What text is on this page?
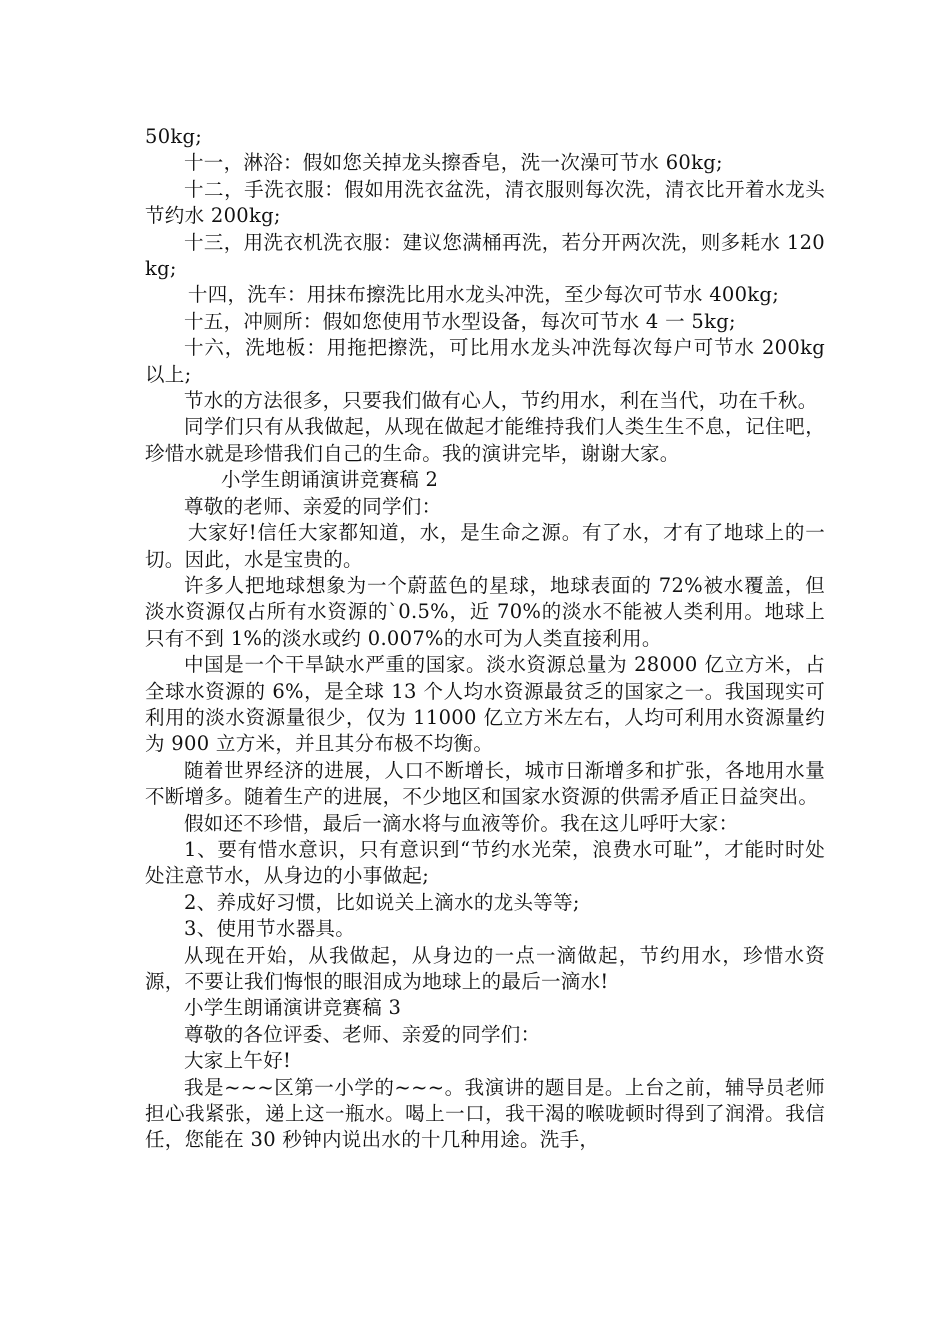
50kg;

十一，淋浴：假如您关掉龙头擦香皂，洗一次澡可节水 60kg;

十二，手洗衣服：假如用洗衣盆洗，清衣服则每次洗，清衣比开着水龙头节约水 200kg;

十三，用洗衣机洗衣服：建议您满桶再洗，若分开两次洗，则多耗水 120kg;

十四，洗车：用抹布擦洗比用水龙头冲洗，至少每次可节水 400kg;

十五，冲厕所：假如您使用节水型设备，每次可节水 4 一 5kg;

十六，洗地板：用拖把擦洗，可比用水龙头冲洗每次每户可节水 200kg 以上;

节水的方法很多，只要我们做有心人，节约用水，利在当代，功在千秋。

同学们只有从我做起，从现在做起才能维持我们人类生生不息，记住吧，珍惜水就是珍惜我们自己的生命。我的演讲完毕，谢谢大家。

小学生朗诵演讲竞赛稿 2

尊敬的老师、亲爱的同学们：

大家好!信任大家都知道，水，是生命之源。有了水，才有了地球上的一切。因此，水是宝贵的。

许多人把地球想象为一个蔚蓝色的星球，地球表面的 72%被水覆盖，但淡水资源仅占所有水资源的`0.5%，近 70%的淡水不能被人类利用。地球上只有不到 1%的淡水或约 0.007%的水可为人类直接利用。

中国是一个干旱缺水严重的国家。淡水资源总量为 28000 亿立方米，占全球水资源的 6%，是全球 13 个人均水资源最贫乏的国家之一。我国现实可利用的淡水资源量很少，仅为 11000 亿立方米左右，人均可利用水资源量约为 900 立方米，并且其分布极不均衡。

随着世界经济的进展，人口不断增长，城市日渐增多和扩张，各地用水量不断增多。随着生产的进展，不少地区和国家水资源的供需矛盾正日益突出。

假如还不珍惜，最后一滴水将与血液等价。我在这儿呼吁大家：

1、要有惜水意识，只有意识到“节约水光荣，浪费水可耻”，才能时时处处注意节水，从身边的小事做起;

2、养成好习惯，比如说关上滴水的龙头等等;

3、使用节水器具。

从现在开始，从我做起，从身边的一点一滴做起，节约用水，珍惜水资源，不要让我们悔恨的眼泪成为地球上的最后一滴水!

小学生朗诵演讲竞赛稿 3

尊敬的各位评委、老师、亲爱的同学们：

大家上午好!

我是~~~区第一小学的~~~。我演讲的题目是。上台之前，辅导员老师担心我紧张，递上这一瓶水。喝上一口，我干渴的喉咙顿时得到了润滑。我信任，您能在 30 秒钟内说出水的十几种用途。洗手，
